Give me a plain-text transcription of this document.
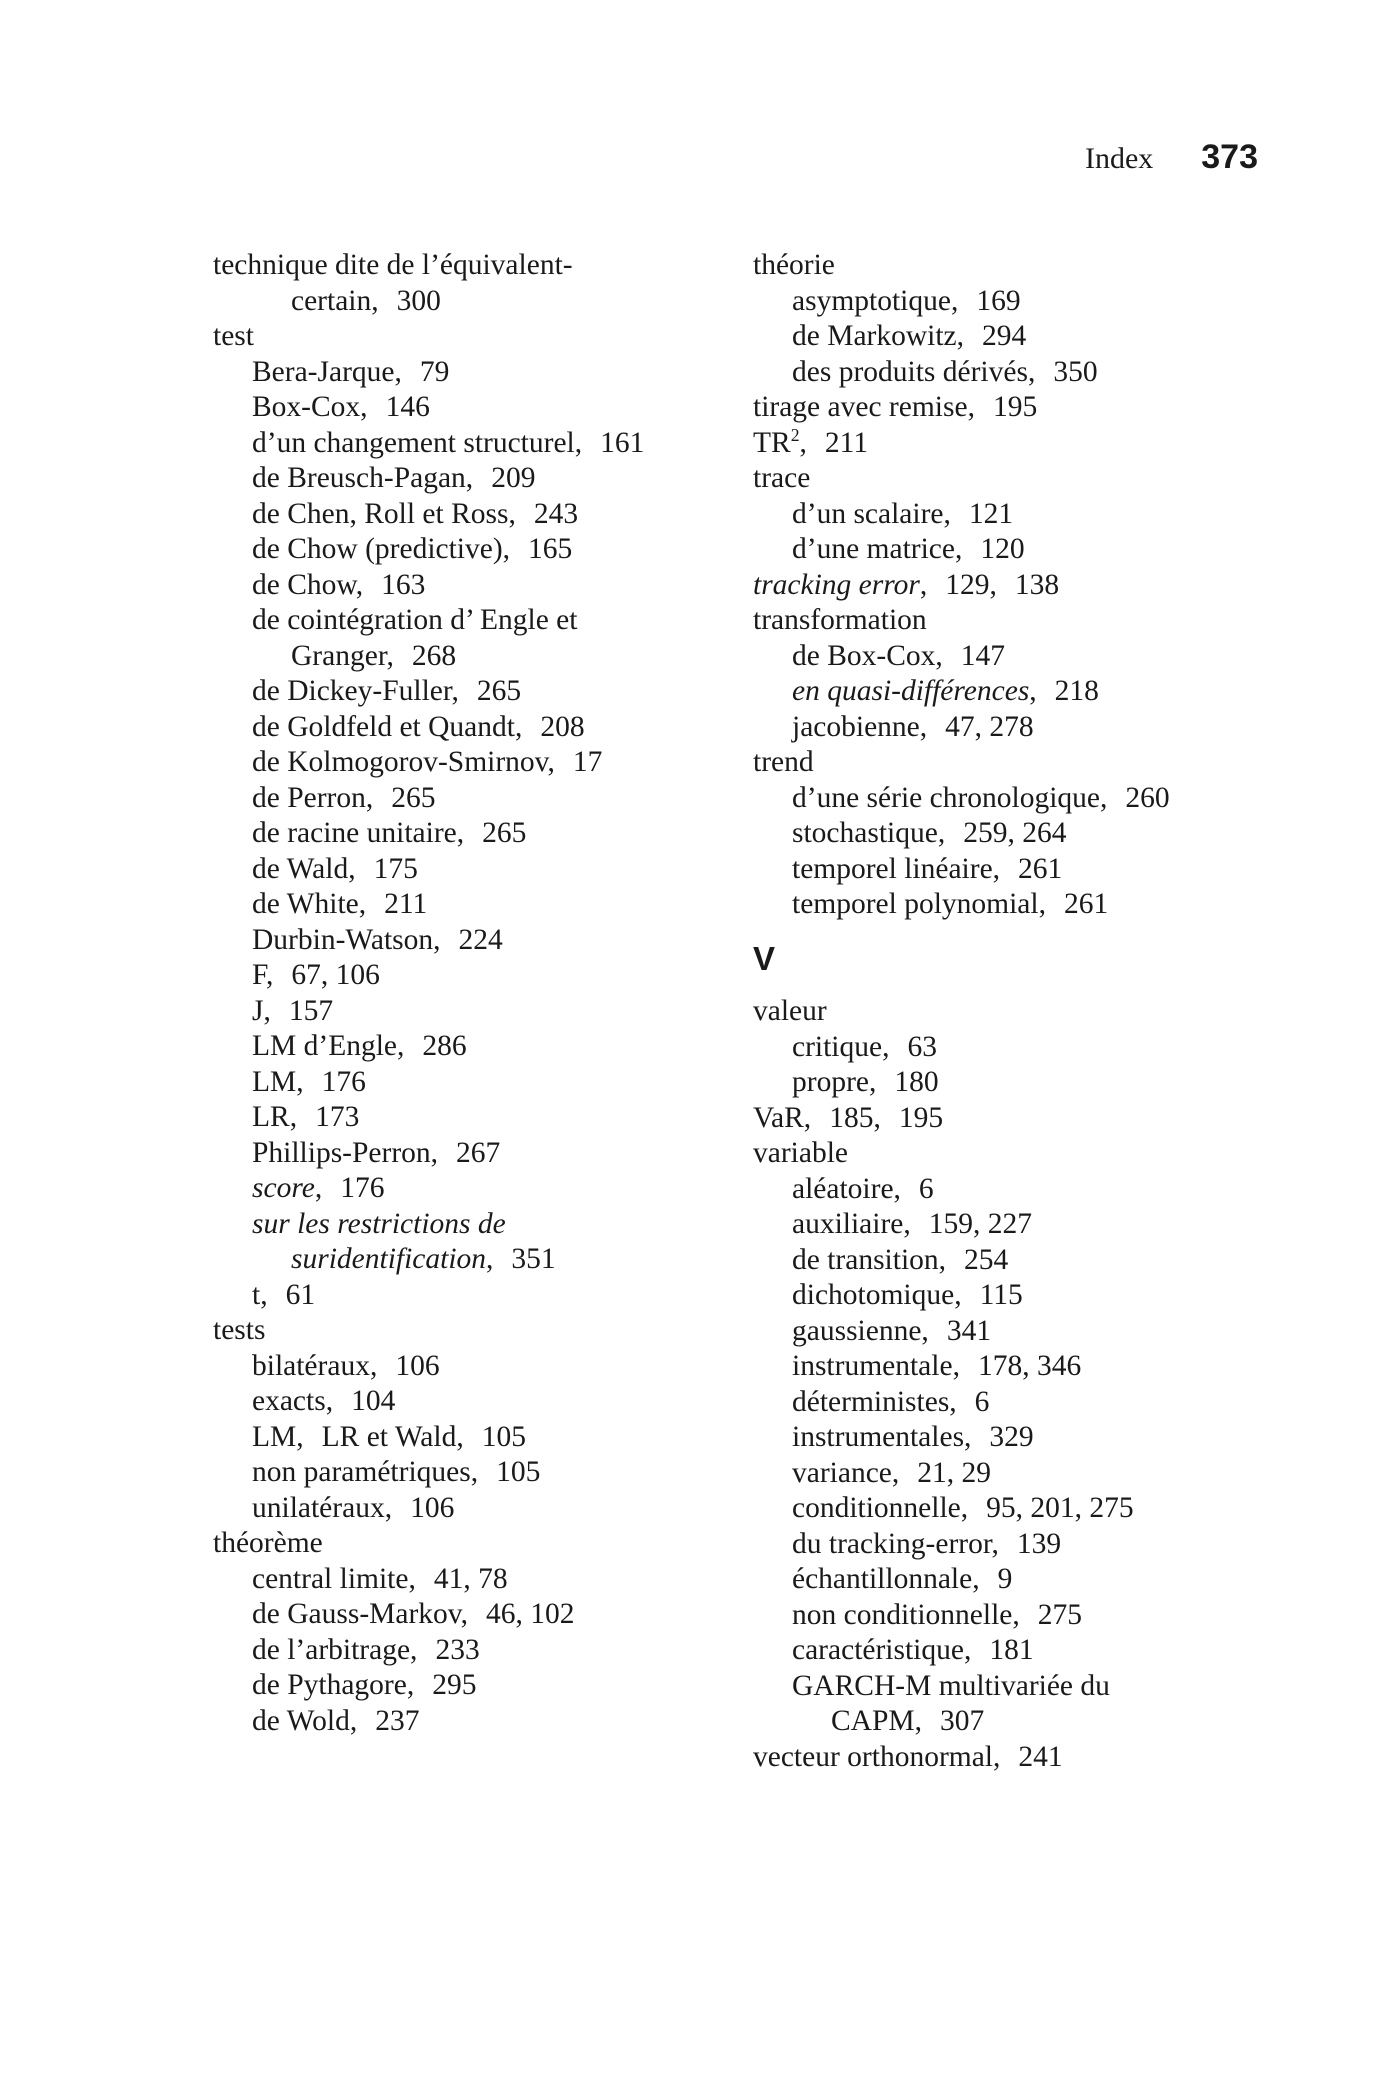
Index 373
technique dite de l’équivalent-
certain, 300
test
Bera-Jarque, 79
Box-Cox, 146
d’un changement structurel, 161
de Breusch-Pagan, 209
de Chen, Roll et Ross, 243
de Chow (predictive), 165
de Chow, 163
de cointégration d’ Engle et
Granger, 268
de Dickey-Fuller, 265
de Goldfeld et Quandt, 208
de Kolmogorov-Smirnov, 17
de Perron, 265
de racine unitaire, 265
de Wald, 175
de White, 211
Durbin-Watson, 224
F, 67, 106
J, 157
LM d’Engle, 286
LM, 176
LR, 173
Phillips-Perron, 267
score, 176
sur les restrictions de
suridentification, 351
t, 61
tests
bilatéraux, 106
exacts, 104
LM, LR et Wald, 105
non paramétriques, 105
unilatéraux, 106
théorème
central limite, 41, 78
de Gauss-Markov, 46, 102
de l’arbitrage, 233
de Pythagore, 295
de Wold, 237
théorie
asymptotique, 169
de Markowitz, 294
des produits dérivés, 350
tirage avec remise, 195
$TR^2$, 211
trace
d’un scalaire, 121
d’une matrice, 120
tracking error, 129, 138
transformation
de Box-Cox, 147
en quasi-différences, 218
jacobienne, 47, 278
trend
d’une série chronologique, 260
stochastique, 259, 264
temporel linéaire, 261
temporel polynomial, 261
V
valeur
critique, 63
propre, 180
VaR, 185, 195
variable
aléatoire, 6
auxiliaire, 159, 227
de transition, 254
dichotomique, 115
gaussienne, 341
instrumentale, 178, 346
déterministes, 6
instrumentales, 329
variance, 21, 29
conditionnelle, 95, 201, 275
du tracking-error, 139
échantillonnale, 9
non conditionnelle, 275
caractéristique, 181
GARCH-M multivariée du
CAPM, 307
vecteur orthonormal, 241
